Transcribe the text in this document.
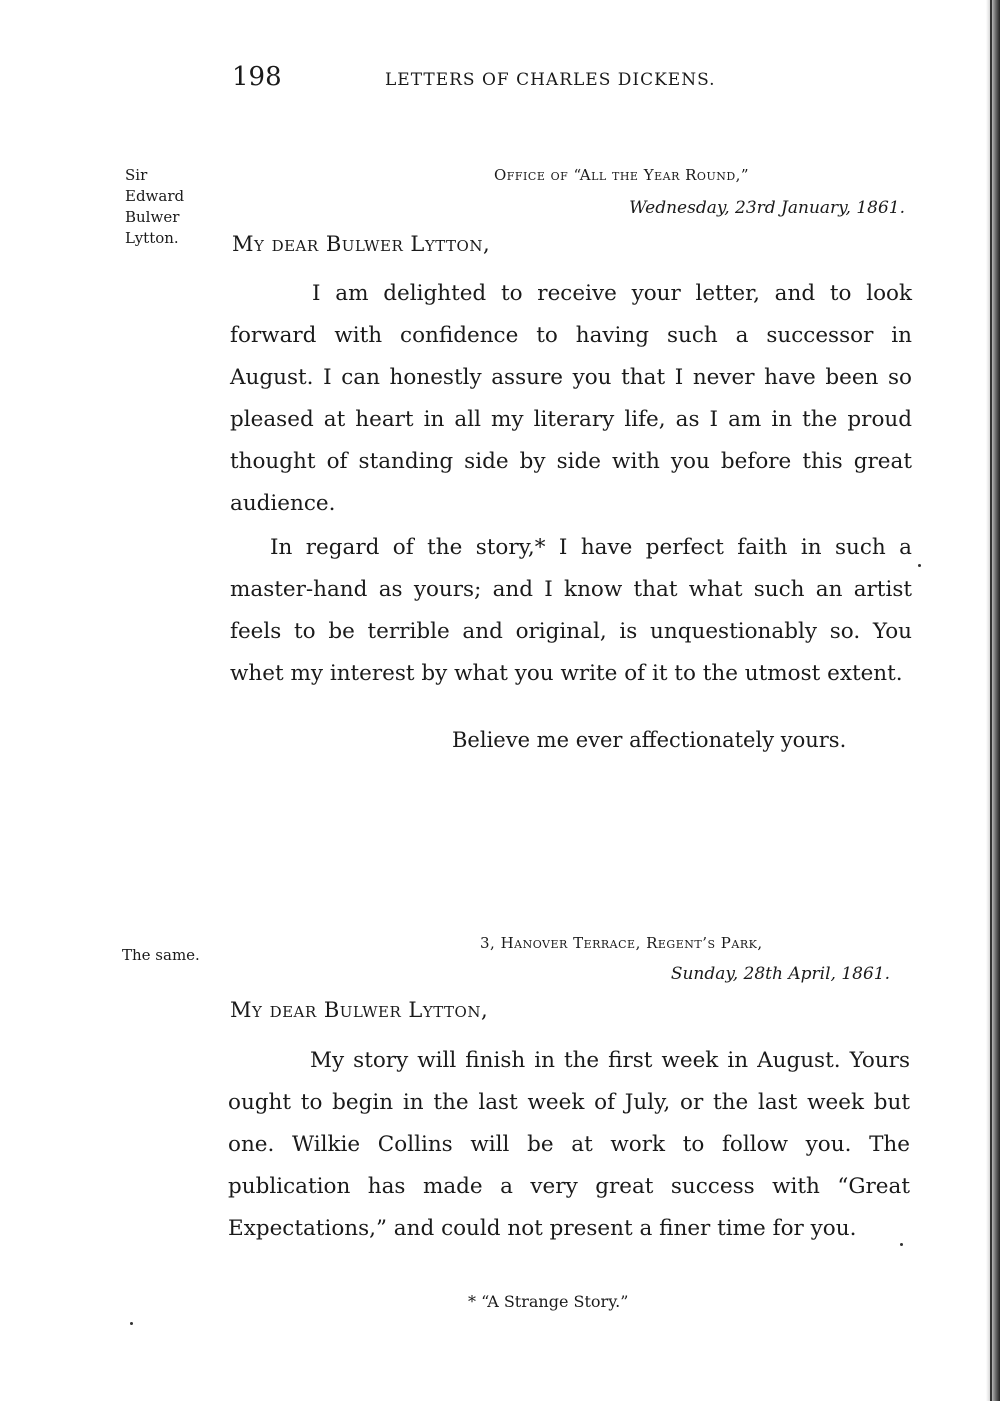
198	LETTERS OF CHARLES DICKENS.

Sir
Edward
Bulwer
Lytton.

Office of “All the Year Round,”

Wednesday, 23rd January, 1861.

My dear Bulwer Lytton,

I am delighted to receive your letter, and to look forward with confidence to having such a successor in August. I can honestly assure you that I never have been so pleased at heart in all my literary life, as I am in the proud thought of standing side by side with you before this great audience.

In regard of the story,* I have perfect faith in such a master-hand as yours; and I know that what such an artist feels to be terrible and original, is unquestionably so. You whet my interest by what you write of it to the utmost extent.

Believe me ever affectionately yours.

The same.

3, Hanover Terrace, Regent’s Park,

Sunday, 28th April, 1861.

My dear Bulwer Lytton,

My story will finish in the first week in August. Yours ought to begin in the last week of July, or the last week but one. Wilkie Collins will be at work to follow you. The publication has made a very great success with “Great Expectations,” and could not present a finer time for you.

* “A Strange Story.”
